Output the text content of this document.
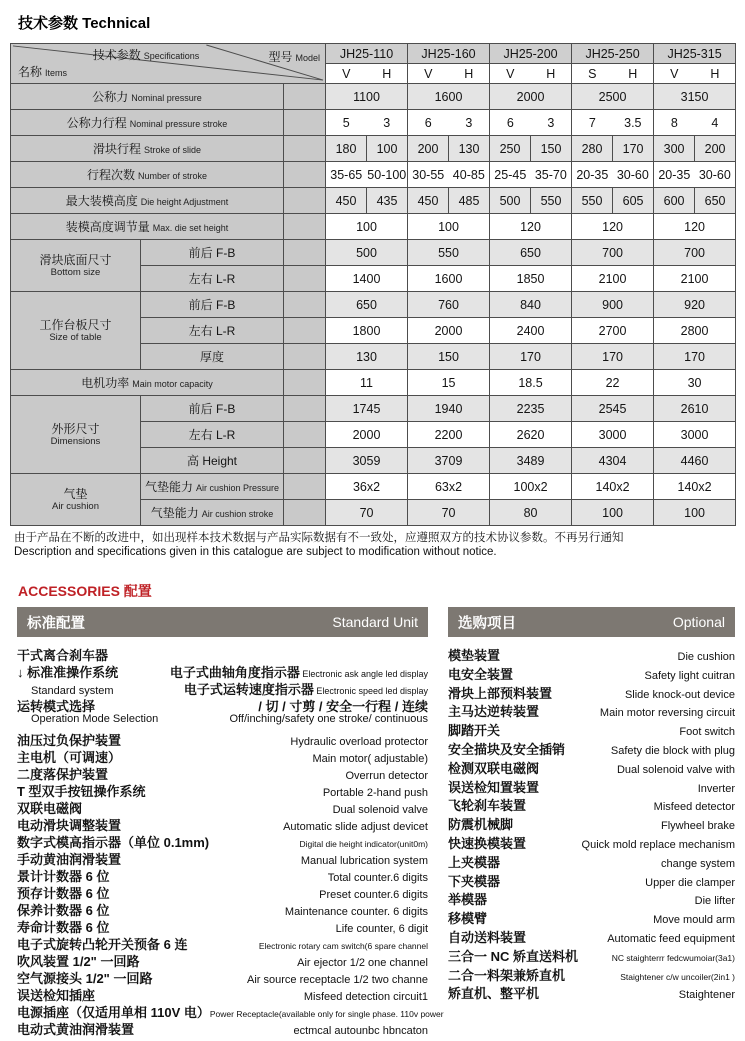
技术参数 Technical
技术参数 Specifications 型号 Model
名称 Items			JH25-110		JH25-160		JH25-200		JH25-250		JH25-315	

			V H		V H		V H		S H		V H	

公称力 Nominal pressure			1100		1600		2000		2500		3150	
公称力行程 Nominal pressure stroke			5 3		6 3		6 3		7 3.5		8 4	

滑块行程 Stroke of slide			180	100	200	130	250	150	280	170	300	200
行程次数 Number of stroke			35-65 50-100		30-55 40-85		25-45 35-70		20-35 30-60		20-35 30-60	

最大装模高度 Die height Adjustment			450	435	450	485	500	550	550	605	600	650
装模高度调节量 Max. die set height			100		100		120		120		120	

滑块底面尺寸
Bottom size	前后 F-B		500		550		650		700		700	
	左右 L-R		1400		1600		1850		2100		2100	

工作台板尺寸
Size of table	前后 F-B		650		760		840		900		920	
	左右 L-R		1800		2000		2400		2700		2800	
	厚度		130		150		170		170		170	
电机功率 Main motor capacity			11		15		18.5		22		30	

外形尺寸
Dimensions	前后 F-B		1745		1940		2235		2545		2610	
	左右 L-R		2000		2200		2620		3000		3000	
	高 Height		3059		3709		3489		4304		4460	

气垫
Air cushion	气垫能力 Air cushion Pressure		36x2		63x2		100x2		140x2		140x2	
	气垫能力 Air cushion stroke		70		70		80		100		100	
由于产品在不断的改进中，如出现样本技术数据与产品实际数据有不一致处，应遵照双方的技术协议参数。不再另行通知
Description and specifications given in this catalogue are subject to modification without notice.
ACCESSORIES 配置
标准配置	Standard Unit
干式离合刹车器
↓ 标准准操作系统	电子式曲轴角度指示器 Electronic ask angle led display
Standard system	电子式运转速度指示器 Electronic speed led display
运转模式选择	/ 切 / 寸剪 / 安全一行程 / 连续
Operation Mode Selection	Off/inching/safety one stroke/ continuous
油压过负保护装置	Hydraulic overload protector
主电机（可调速）	Main motor( adjustable)
二度落保护装置	Overrun detector
T 型双手按钮操作系统	Portable 2-hand push
双联电磁阀	Dual solenoid valve
电动滑块调整装置	Automatic slide adjust devicet
数字式模高指示器（单位 0.1mm)	Digital die height indicator(unit0m)
手动黄油润滑装置	Manual lubrication system
景计计数器 6 位	Total counter.6 digits
预存计数器 6 位	Preset counter.6 digits
保养计数器 6 位	Maintenance counter. 6 digits
寿命计数器 6 位	Life counter, 6 digit
电子式旋转凸轮开关预备 6 连	Electronic rotary cam switch(6 spare channel
吹风装置 1/2" 一回路	Air ejector 1/2 one channel
空气源接头 1/2" 一回路	Air source receptacle 1/2 two channe
误送检知插座	Misfeed detection circuit1
电源插座（仅适用单相 110V 电） Power Receptacle(available only for single phase. 110v power
电动式黄油润滑装置	ectmcal autounbc hbncaton
选购项目	Optional
模垫装置	Die cushion
电安全装置	Safety light cuitran
滑块上部预料装置	Slide knock-out device
主马达逆转装置	Main motor reversing circuit
脚踏开关	Foot switch
安全描块及安全插销	Safety die block with plug
检测双联电磁阀	Dual solenoid valve with
误送检知置装置	Inverter
飞轮刹车装置	Misfeed detector
防震机械脚	Flywheel brake
快速换模装置	Quick mold replace mechanism
上夹模器	change system
下夹模器	Upper die clamper
举模器	Die lifter
移模臂	Move mould arm
自动送料装置	Automatic feed equipment
三合一 NC 矫直送料机	NC staighterrr fedcwumoiar(3a1)
二合一料架兼矫直机	Staightener c/w uncoiler(2in1 )
矫直机、整平机	Staightener
